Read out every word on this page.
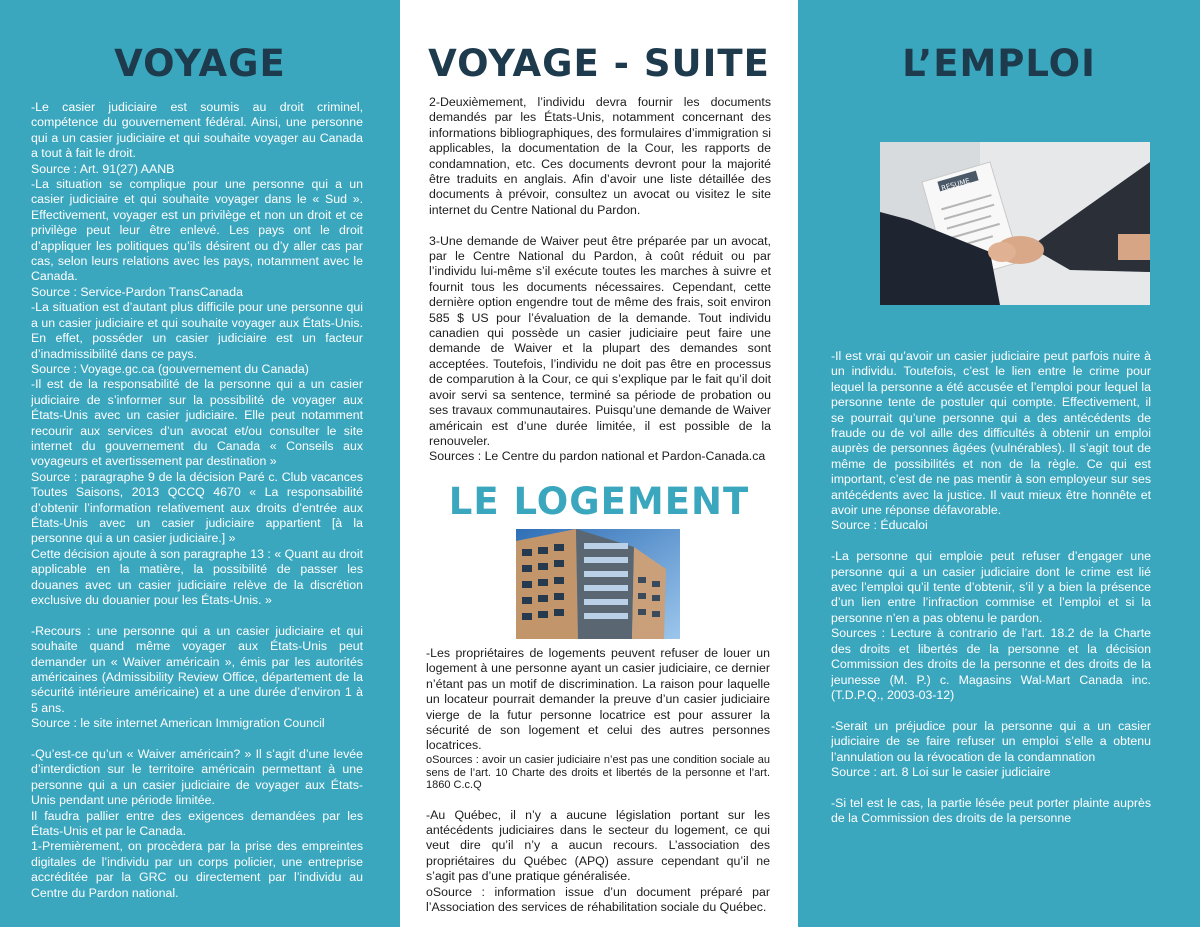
VOYAGE

-Le casier judiciaire est soumis au droit criminel, compétence du gouvernement fédéral. Ainsi, une personne qui a un casier judiciaire et qui souhaite voyager au Canada a tout à fait le droit.

Source : Art. 91(27) AANB

-La situation se complique pour une personne qui a un casier judiciaire et qui souhaite voyager dans le « Sud ». Effectivement, voyager est un privilège et non un droit et ce privilège peut leur être enlevé. Les pays ont le droit d’appliquer les politiques qu’ils désirent ou d’y aller cas par cas, selon leurs relations avec les pays, notamment avec le Canada.

Source : Service-Pardon TransCanada

-La situation est d’autant plus difficile pour une personne qui a un casier judiciaire et qui souhaite voyager aux États-Unis. En effet, posséder un casier judiciaire est un facteur d’inadmissibilité dans ce pays.

Source : Voyage.gc.ca (gouvernement du Canada)

-Il est de la responsabilité de la personne qui a un casier judiciaire de s’informer sur la possibilité de voyager aux États-Unis avec un casier judiciaire. Elle peut notamment recourir aux services d’un avocat et/ou consulter le site internet du gouvernement du Canada « Conseils aux voyageurs et avertissement par destination »

Source : paragraphe 9 de la décision Paré c. Club vacances Toutes Saisons, 2013 QCCQ 4670 « La responsabilité d’obtenir l’information relativement aux droits d’entrée aux États-Unis avec un casier judiciaire appartient [à la personne qui a un casier judiciaire.] »

Cette décision ajoute à son paragraphe 13 : « Quant au droit applicable en la matière, la possibilité de passer les douanes avec un casier judiciaire relève de la discrétion exclusive du douanier pour les États-Unis. »

-Recours : une personne qui a un casier judiciaire et qui souhaite quand même voyager aux États-Unis peut demander un « Waiver américain », émis par les autorités américaines (Admissibility Review Office, département de la sécurité intérieure américaine) et a une durée d’environ 1 à 5 ans.

Source : le site internet American Immigration Council

-Qu’est-ce qu’un « Waiver américain? » Il s’agit d’une levée d’interdiction sur le territoire américain permettant à une personne qui a un casier judiciaire de voyager aux États-Unis pendant une période limitée.

Il faudra pallier entre des exigences demandées par les États-Unis et par le Canada.

1-Premièrement, on procèdera par la prise des empreintes digitales de l’individu par un corps policier, une entreprise accréditée par la GRC ou directement par l’individu au Centre du Pardon national.

VOYAGE - SUITE

2-Deuxièmement, l’individu devra fournir les documents demandés par les États-Unis, notamment concernant des informations bibliographiques, des formulaires d’immigration si applicables, la documentation de la Cour, les rapports de condamnation, etc. Ces documents devront pour la majorité être traduits en anglais. Afin d’avoir une liste détaillée des documents à prévoir, consultez un avocat ou visitez le site internet du Centre National du Pardon.

3-Une demande de Waiver peut être préparée par un avocat, par le Centre National du Pardon, à coût réduit ou par l’individu lui-même s’il exécute toutes les marches à suivre et fournit tous les documents nécessaires. Cependant, cette dernière option engendre tout de même des frais, soit environ 585 $ US pour l’évaluation de la demande. Tout individu canadien qui possède un casier judiciaire peut faire une demande de Waiver et la plupart des demandes sont acceptées. Toutefois, l’individu ne doit pas être en processus de comparution à la Cour, ce qui s’explique par le fait qu’il doit avoir servi sa sentence, terminé sa période de probation ou ses travaux communautaires. Puisqu’une demande de Waiver américain est d’une durée limitée, il est possible de la renouveler.

Sources : Le Centre du pardon national et Pardon-Canada.ca

LE LOGEMENT

-Les propriétaires de logements peuvent refuser de louer un logement à une personne ayant un casier judiciaire, ce dernier n’étant pas un motif de discrimination. La raison pour laquelle un locateur pourrait demander la preuve d’un casier judiciaire vierge de la futur personne locatrice est pour assurer la sécurité de son logement et celui des autres personnes locatrices.

oSources : avoir un casier judiciaire n’est pas une condition sociale au sens de l’art. 10 Charte des droits et libertés de la personne et l’art. 1860 C.c.Q

-Au Québec, il n’y a aucune législation portant sur les antécédents judiciaires dans le secteur du logement, ce qui veut dire qu’il n’y a aucun recours. L’association des propriétaires du Québec (APQ) assure cependant qu’il ne s’agit pas d’une pratique généralisée.

oSource : information issue d’un document préparé par l’Association des services de réhabilitation sociale du Québec.

L’EMPLOI
RESUME

-Il est vrai qu’avoir un casier judiciaire peut parfois nuire à un individu. Toutefois, c’est le lien entre le crime pour lequel la personne a été accusée et l’emploi pour lequel la personne tente de postuler qui compte. Effectivement, il se pourrait qu’une personne qui a des antécédents de fraude ou de vol aille des difficultés à obtenir un emploi auprès de personnes âgées (vulnérables). Il s’agit tout de même de possibilités et non de la règle. Ce qui est important, c’est de ne pas mentir à son employeur sur ses antécédents avec la justice. Il vaut mieux être honnête et avoir une réponse défavorable.

Source : Éducaloi

-La personne qui emploie peut refuser d’engager une personne qui a un casier judiciaire dont le crime est lié avec l’emploi qu’il tente d’obtenir, s’il y a bien la présence d’un lien entre l’infraction commise et l’emploi et si la personne n’en a pas obtenu le pardon.

Sources : Lecture à contrario de l’art. 18.2 de la Charte des droits et libertés de la personne et la décision Commission des droits de la personne et des droits de la jeunesse (M. P.) c. Magasins Wal-Mart Canada inc. (T.D.P.Q., 2003-03-12)

-Serait un préjudice pour la personne qui a un casier judiciaire de se faire refuser un emploi s’elle a obtenu l’annulation ou la révocation de la condamnation

Source : art. 8 Loi sur le casier judiciaire

-Si tel est le cas, la partie lésée peut porter plainte auprès de la Commission des droits de la personne
